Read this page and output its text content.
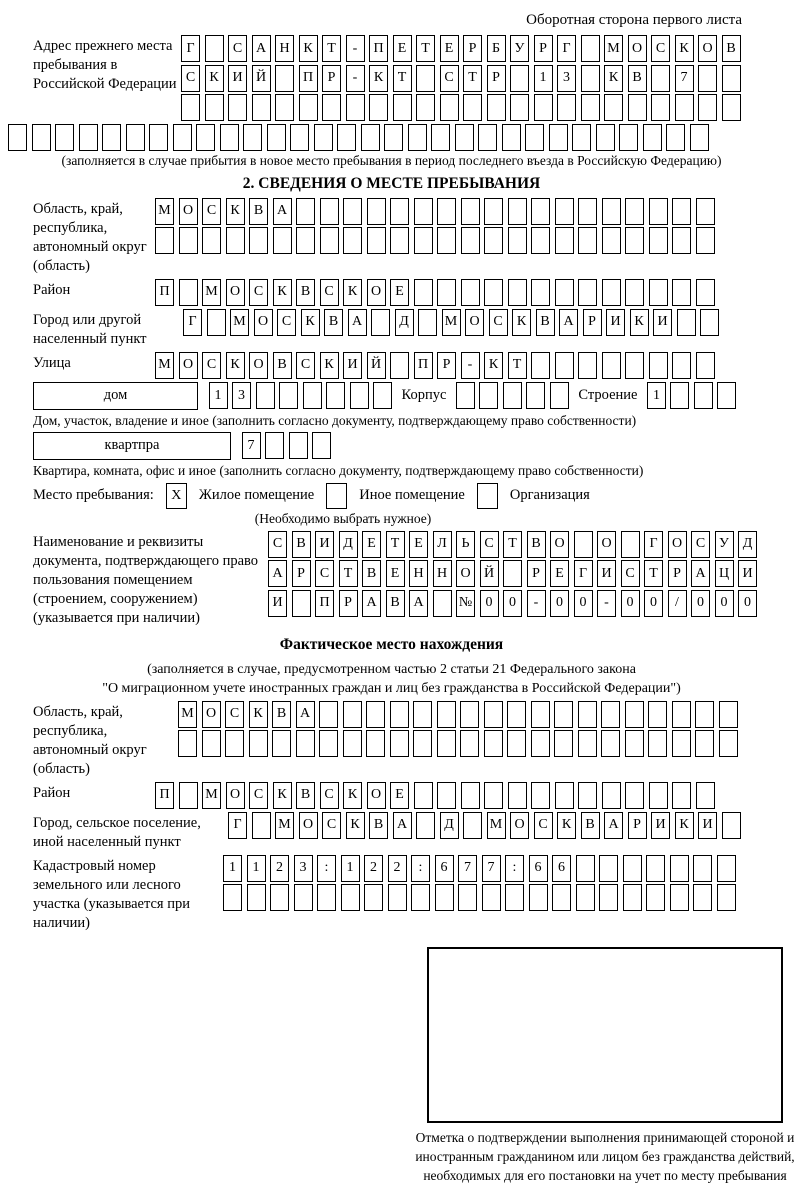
Оборотная сторона первого листа
Адрес прежнего места пребывания в Российской Федерации
Г	С А Н К	Т	-	П	Е	Т	Е	Р	Б	У	Р	Г	М О С	К О В
С	К И Й	П	Р	-	К	Т	С	Т	Р	1	3	К	В	7
(заполняется в случае прибытия в новое место пребывания в период последнего въезда в Российскую Федерацию)
2. СВЕДЕНИЯ О МЕСТЕ ПРЕБЫВАНИЯ
Область, край, республика, автономный округ (область)
М О С	К	В А
Район	П	М О С	К	В	С	К О	Е
Город или другой населенный пункт
Г	М О С	К	В А	Д	М О С	К	В А	Р	И К И
Улица	М О С	К О В	С	К И Й	П	Р	-	К	Т
дом	1	3	Корпус	Строение	1
Дом, участок, владение и иное (заполнить согласно документу, подтверждающему право собственности)
квартпра	7
Квартира, комната, офис и иное (заполнить согласно документу, подтверждающему право собственности)
Место пребывания:	X	Жилое помещение	Иное помещение	Организация
(Необходимо выбрать нужное)
Наименование и реквизиты документа, подтверждающего право пользования помещением (строением, сооружением) (указывается при наличии)
С	В И Д	Е	Т	Е	Л	Ь	С	Т	В О	О	Г	О С У Д
А	Р	С	Т	В	Е	Н Н О Й	Р	Е	Г	И С	Т	Р	А Ц И
И	П	Р	А В А	№ 0	0	-	0	0	-	0	0	/	0	0	0
Фактическое место нахождения
(заполняется в случае, предусмотренном частью 2 статьи 21 Федерального закона
"О миграционном учете иностранных граждан и лиц без гражданства в Российской Федерации")
Область, край, республика, автономный округ (область)
М О С	К	В А
Район	П	М О С	К	В	С	К О	Е
Город, сельское поселение, иной населенный пункт
Г	М О С	К	В А	Д	М О С	К	В А	Р	И К И
Кадастровый номер земельного или лесного участка (указывается при наличии)
1	1	2	3	:	1	2	2	:	6	7	7	:	6	6
Отметка о подтверждении выполнения принимающей стороной и иностранным гражданином или лицом без гражданства действий, необходимых для его постановки на учет по месту пребывания
